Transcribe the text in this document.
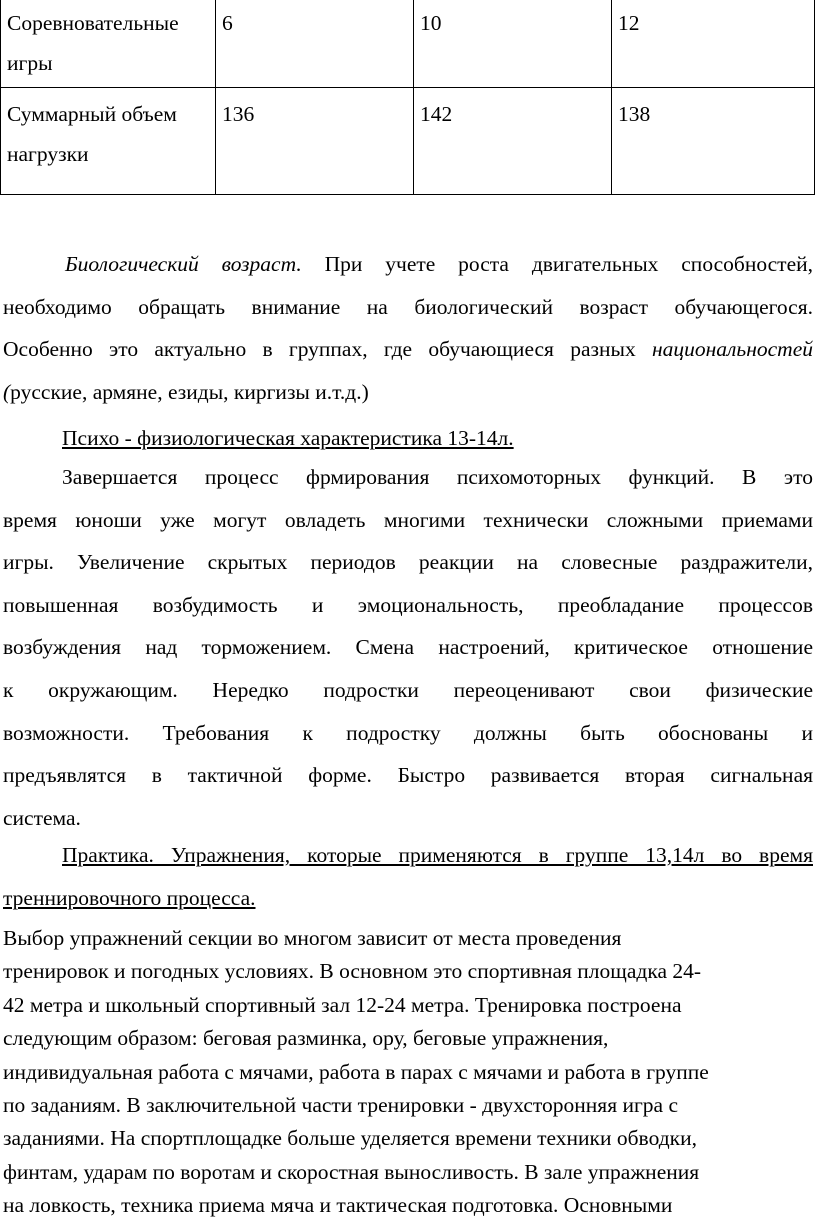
Соревновательные
игры	6	10	12
Суммарный объем
нагрузки	136	142	138
Биологический возраст. При учете роста двигательных способностей,
необходимо обращать внимание на биологический возраст обучающегося.
Особенно это актуально в группах, где обучающиеся разных национальностей
(русские, армяне, езиды, киргизы и.т.д.)
Психо - физиологическая характеристика 13-14л.
Завершается процесс фрмирования психомоторных функций. В это
время юноши уже могут овладеть многими технически сложными приемами
игры. Увеличение скрытых периодов реакции на словесные раздражители,
повышенная возбудимость и эмоциональность, преобладание процессов
возбуждения над торможением. Смена настроений, критическое отношение
к окружающим. Нередко подростки переоценивают свои физические
возможности. Требования к подростку должны быть обоснованы и
предъявлятся в тактичной форме. Быстро развивается вторая сигнальная
система.
Практика. Упражнения, которые применяются в группе 13,14л во время
треннировочного процесса.
Выбор упражнений секции во многом зависит от места проведения
тренировок и погодных условиях. В основном это спортивная площадка 24-
42 метра и школьный спортивный зал 12-24 метра. Тренировка построена
следующим образом: беговая разминка, ору, беговые упражнения,
индивидуальная работа с мячами, работа в парах с мячами и работа в группе
по заданиям. В заключительной части тренировки - двухсторонняя игра с
заданиями. На спортплощадке больше уделяется времени техники обводки,
финтам, ударам по воротам и скоростная выносливость. В зале упражнения
на ловкость, техника приема мяча и тактическая подготовка. Основными
